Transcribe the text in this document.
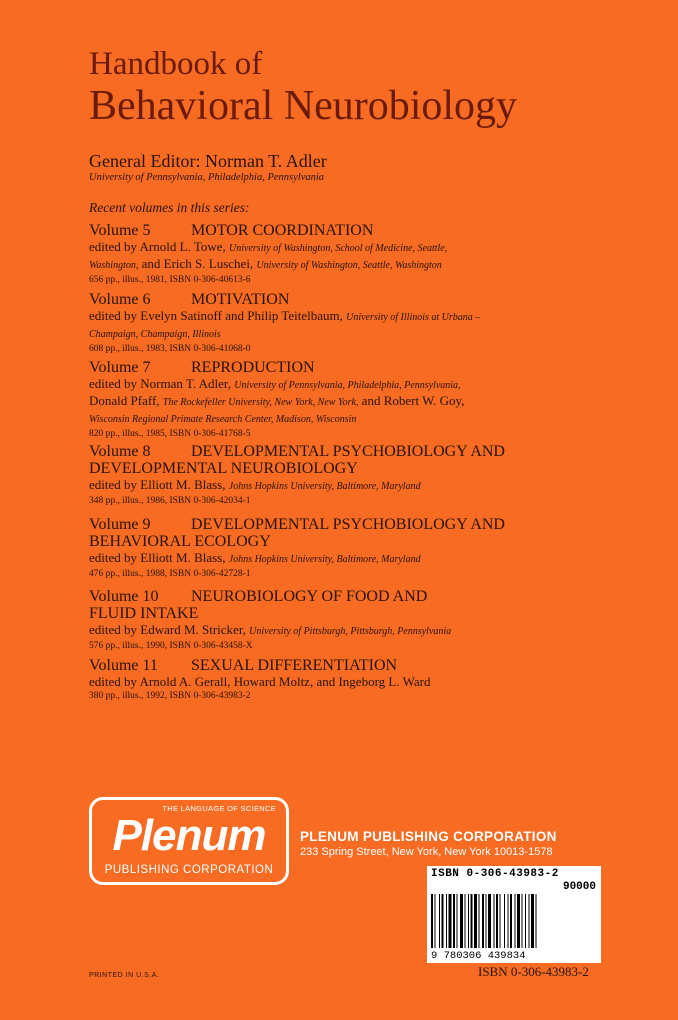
Handbook of
Behavioral Neurobiology
General Editor: Norman T. Adler
University of Pennsylvania, Philadelphia, Pennsylvania
Recent volumes in this series:
Volume 5	MOTOR COORDINATION
edited by Arnold L. Towe, University of Washington, School of Medicine, Seattle,
Washington, and Erich S. Luschei, University of Washington, Seattle, Washington
656 pp., illus., 1981, ISBN 0-306-40613-6
Volume 6	MOTIVATION
edited by Evelyn Satinoff and Philip Teitelbaum, University of Illinois at Urbana –
Champaign, Champaign, Illinois
608 pp., illus., 1983, ISBN 0-306-41068-0
Volume 7	REPRODUCTION
edited by Norman T. Adler, University of Pennsylvania, Philadelphia, Pennsylvania,
Donald Pfaff, The Rockefeller University, New York, New York, and Robert W. Goy,
Wisconsin Regional Primate Research Center, Madison, Wisconsin
820 pp., illus., 1985, ISBN 0-306-41768-5
Volume 8	DEVELOPMENTAL PSYCHOBIOLOGY AND
DEVELOPMENTAL NEUROBIOLOGY
edited by Elliott M. Blass, Johns Hopkins University, Baltimore, Maryland
348 pp., illus., 1986, ISBN 0-306-42034-1
Volume 9	DEVELOPMENTAL PSYCHOBIOLOGY AND
BEHAVIORAL ECOLOGY
edited by Elliott M. Blass, Johns Hopkins University, Baltimore, Maryland
476 pp., illus., 1988, ISBN 0-306-42728-1
Volume 10 NEUROBIOLOGY OF FOOD AND
FLUID INTAKE
edited by Edward M. Stricker, University of Pittsburgh, Pittsburgh, Pennsylvania
576 pp., illus., 1990, ISBN 0-306-43458-X
Volume 11 SEXUAL DIFFERENTIATION
edited by Arnold A. Gerall, Howard Moltz, and Ingeborg L. Ward
380 pp., illus., 1992, ISBN 0-306-43983-2
THE LANGUAGE OF SCIENCE
Plenum
PUBLISHING CORPORATION
PLENUM PUBLISHING CORPORATION
233 Spring Street, New York, New York 10013-1578
ISBN 0-306-43983-2
90000
9 780306 439834
ISBN 0-306-43983-2
PRINTED IN U.S.A.
